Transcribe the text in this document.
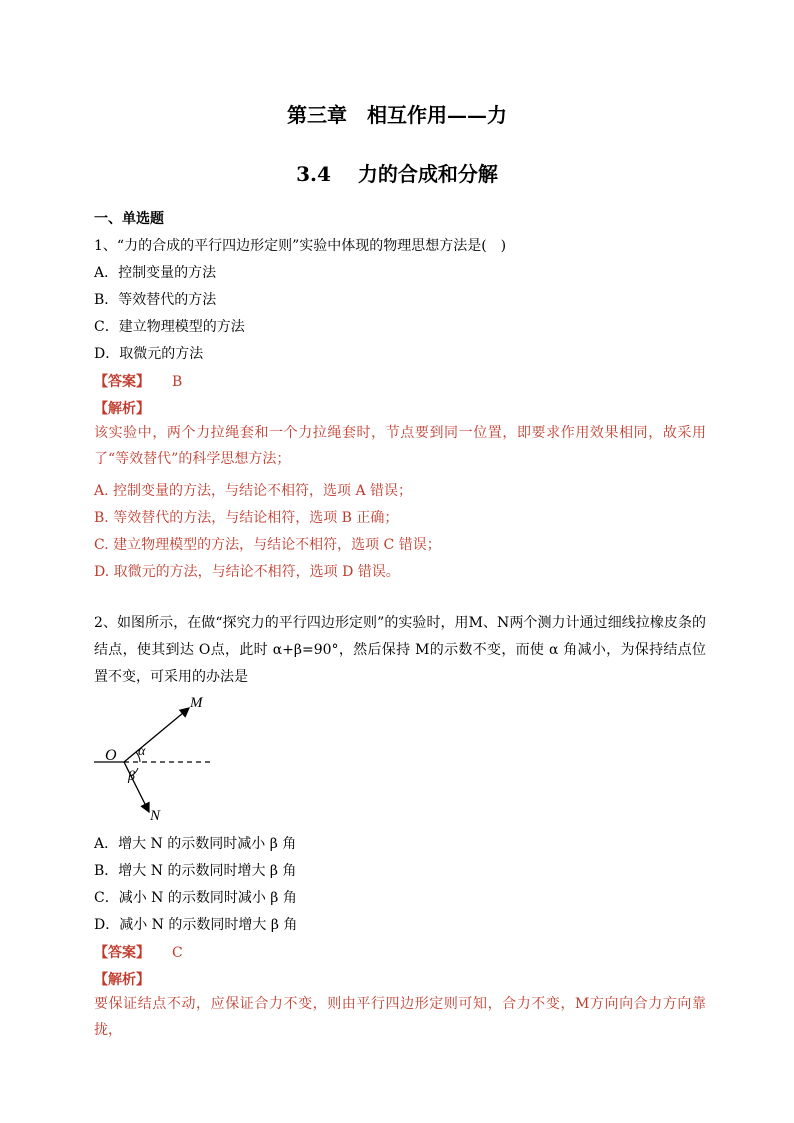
第三章　相互作用——力
3.4　 力的合成和分解
一、单选题
1、“力的合成的平行四边形定则”实验中体现的物理思想方法是(　)
A．控制变量的方法
B．等效替代的方法
C．建立物理模型的方法
D．取微元的方法
【答案】 B
【解析】
该实验中，两个力拉绳套和一个力拉绳套时，节点要到同一位置，即要求作用效果相同，故采用了“等效替代”的科学思想方法；
A. 控制变量的方法，与结论不相符，选项 A 错误；
B. 等效替代的方法，与结论相符，选项 B 正确；
C. 建立物理模型的方法，与结论不相符，选项 C 错误；
D. 取微元的方法，与结论不相符，选项 D 错误。
2、如图所示，在做“探究力的平行四边形定则”的实验时，用M、N两个测力计通过细线拉橡皮条的结点，使其到达 O点，此时 α+β=90°，然后保持 M的示数不变，而使 α 角减小，为保持结点位置不变，可采用的办法是
M
N
O α
β
A．增大 N 的示数同时减小 β 角
B．增大 N 的示数同时增大 β 角
C．减小 N 的示数同时减小 β 角
D．减小 N 的示数同时增大 β 角
【答案】 C
【解析】
要保证结点不动，应保证合力不变，则由平行四边形定则可知，合力不变，M方向向合力方向靠拢，
